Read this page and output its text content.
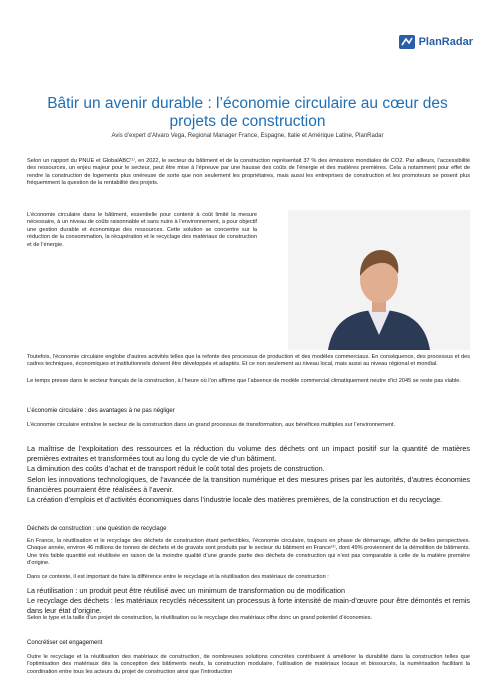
PlanRadar
Bâtir un avenir durable : l’économie circulaire au cœur des projets de construction
Avis d’expert d’Alvaro Vega, Regional Manager France, Espagne, Italie et Amérique Latine, PlanRadar
Selon un rapport du PNUE et GlobalABC⁽¹⁾, en 2022, le secteur du bâtiment et de la construction représentait 37 % des émissions mondiales de CO2. Par ailleurs, l’accessibilité des ressources, un enjeu majeur pour le secteur, peut être mise à l’épreuve par une hausse des coûts de l’énergie et des matières premières. Cela a notamment pour effet de rendre la construction de logements plus onéreuse de sorte que non seulement les propriétaires, mais aussi les entreprises de construction et les promoteurs se posent plus fréquemment la question de la rentabilité des projets.
L’économie circulaire dans le bâtiment, essentielle pour contenir à coût limité la mesure nécessaire, à un niveau de coûts raisonnable et sans nuire à l’environnement, a pour objectif une gestion durable et économique des ressources. Cette solution se concentre sur la réduction de la consommation, la récupération et le recyclage des matériaux de construction et de l’énergie.
Toutefois, l’économie circulaire englobe d’autres activités telles que la refonte des processus de production et des modèles commerciaux. En conséquence, des processus et des cadres techniques, économiques et institutionnels doivent être développés et adaptés. Et ce non seulement au niveau local, mais aussi au niveau régional et mondial.
Le temps presse dans le secteur français de la construction, à l’heure où l’on affirme que l’absence de modèle commercial climatiquement neutre d’ici 2045 se reste pas viable.
L’économie circulaire : des avantages à ne pas négliger
L’économie circulaire entraîne le secteur de la construction dans un grand processus de transformation, aux bénéfices multiples sur l’environnement.
La maîtrise de l’exploitation des ressources et la réduction du volume des déchets ont un impact positif sur la quantité de matières premières extraites et transformées tout au long du cycle de vie d’un bâtiment.
La diminution des coûts d’achat et de transport réduit le coût total des projets de construction.
Selon les innovations technologiques, de l’avancée de la transition numérique et des mesures prises par les autorités, d’autres économies financières pourraient être réalisées à l’avenir.
La création d’emplois et d’activités économiques dans l’industrie locale des matières premières, de la construction et du recyclage.
Déchets de construction : une question de recyclage
En France, la réutilisation et le recyclage des déchets de construction étant perfectibles, l’économie circulaire, toujours en phase de démarrage, affiche de belles perspectives. Chaque année, environ 46 millions de tonnes de déchets et de gravats sont produits par le secteur du bâtiment en France⁽²⁾, dont 49% proviennent de la démolition de bâtiments. Une très faible quantité est réutilisée en raison de la moindre qualité d’une grande partie des déchets de construction qui n’est pas comparable à celle de la matière première d’origine.
Dans ce contexte, il est important de faire la différence entre le recyclage et la réutilisation des matériaux de construction :
La réutilisation : un produit peut être réutilisé avec un minimum de transformation ou de modification
Le recyclage des déchets : les matériaux recyclés nécessitent un processus à forte intensité de main-d’œuvre pour être démontés et remis dans leur état d’origine.
Selon le type et la taille d’un projet de construction, la réutilisation ou le recyclage des matériaux offre donc un grand potentiel d’économies.
Concrétiser cet engagement
Outre le recyclage et la réutilisation des matériaux de construction, de nombreuses solutions concrètes contribuent à améliorer la durabilité dans la construction telles que l’optimisation des matériaux dès la conception des bâtiments neufs, la construction modulaire, l’utilisation de matériaux locaux et biosourcés, la numérisation facilitant la coordination entre tous les acteurs du projet de construction ainsi que l’introduction
